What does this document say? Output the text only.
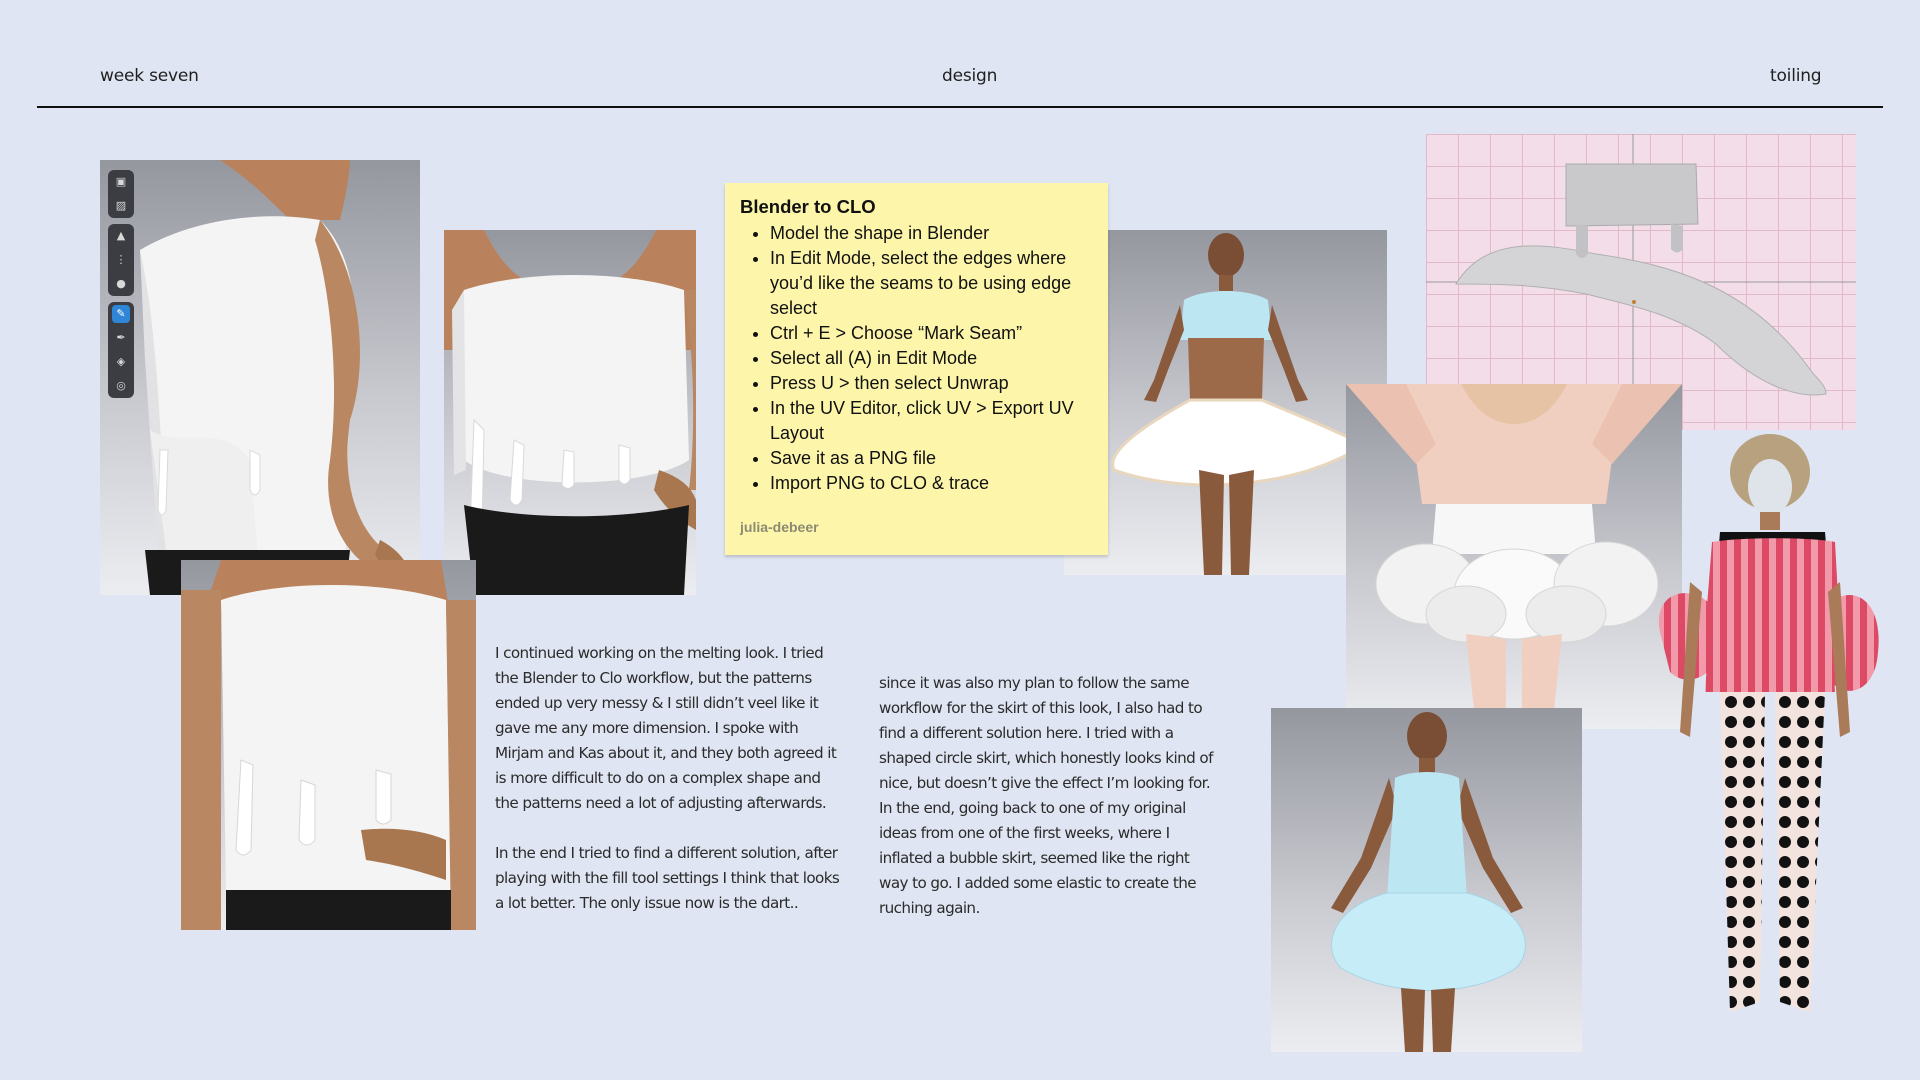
week seven	design	toiling
▣
▨
▲
⋮
●
✎
✒
◈
◎
Blender to CLO
• Model the shape in Blender
• In Edit Mode, select the edges where you’d like the seams to be using edge select
• Ctrl + E > Choose “Mark Seam”
• Select all (A) in Edit Mode
• Press U > then select Unwrap
• In the UV Editor, click UV > Export UV Layout
• Save it as a PNG file
• Import PNG to CLO & trace
julia-debeer

I continued working on the melting look. I tried the Blender to Clo workflow, but the patterns ended up very messy & I still didn’t veel like it gave me any more dimension. I spoke with Mirjam and Kas about it, and they both agreed it is more difficult to do on a complex shape and the patterns need a lot of adjusting afterwards.

In the end I tried to find a different solution, after playing with the fill tool settings I think that looks a lot better. The only issue now is the dart..

since it was also my plan to follow the same workflow for the skirt of this look, I also had to find a different solution here. I tried with a shaped circle skirt, which honestly looks kind of nice, but doesn’t give the effect I’m looking for. In the end, going back to one of my original ideas from one of the first weeks, where I inflated a bubble skirt, seemed like the right way to go. I added some elastic to create the ruching again.
